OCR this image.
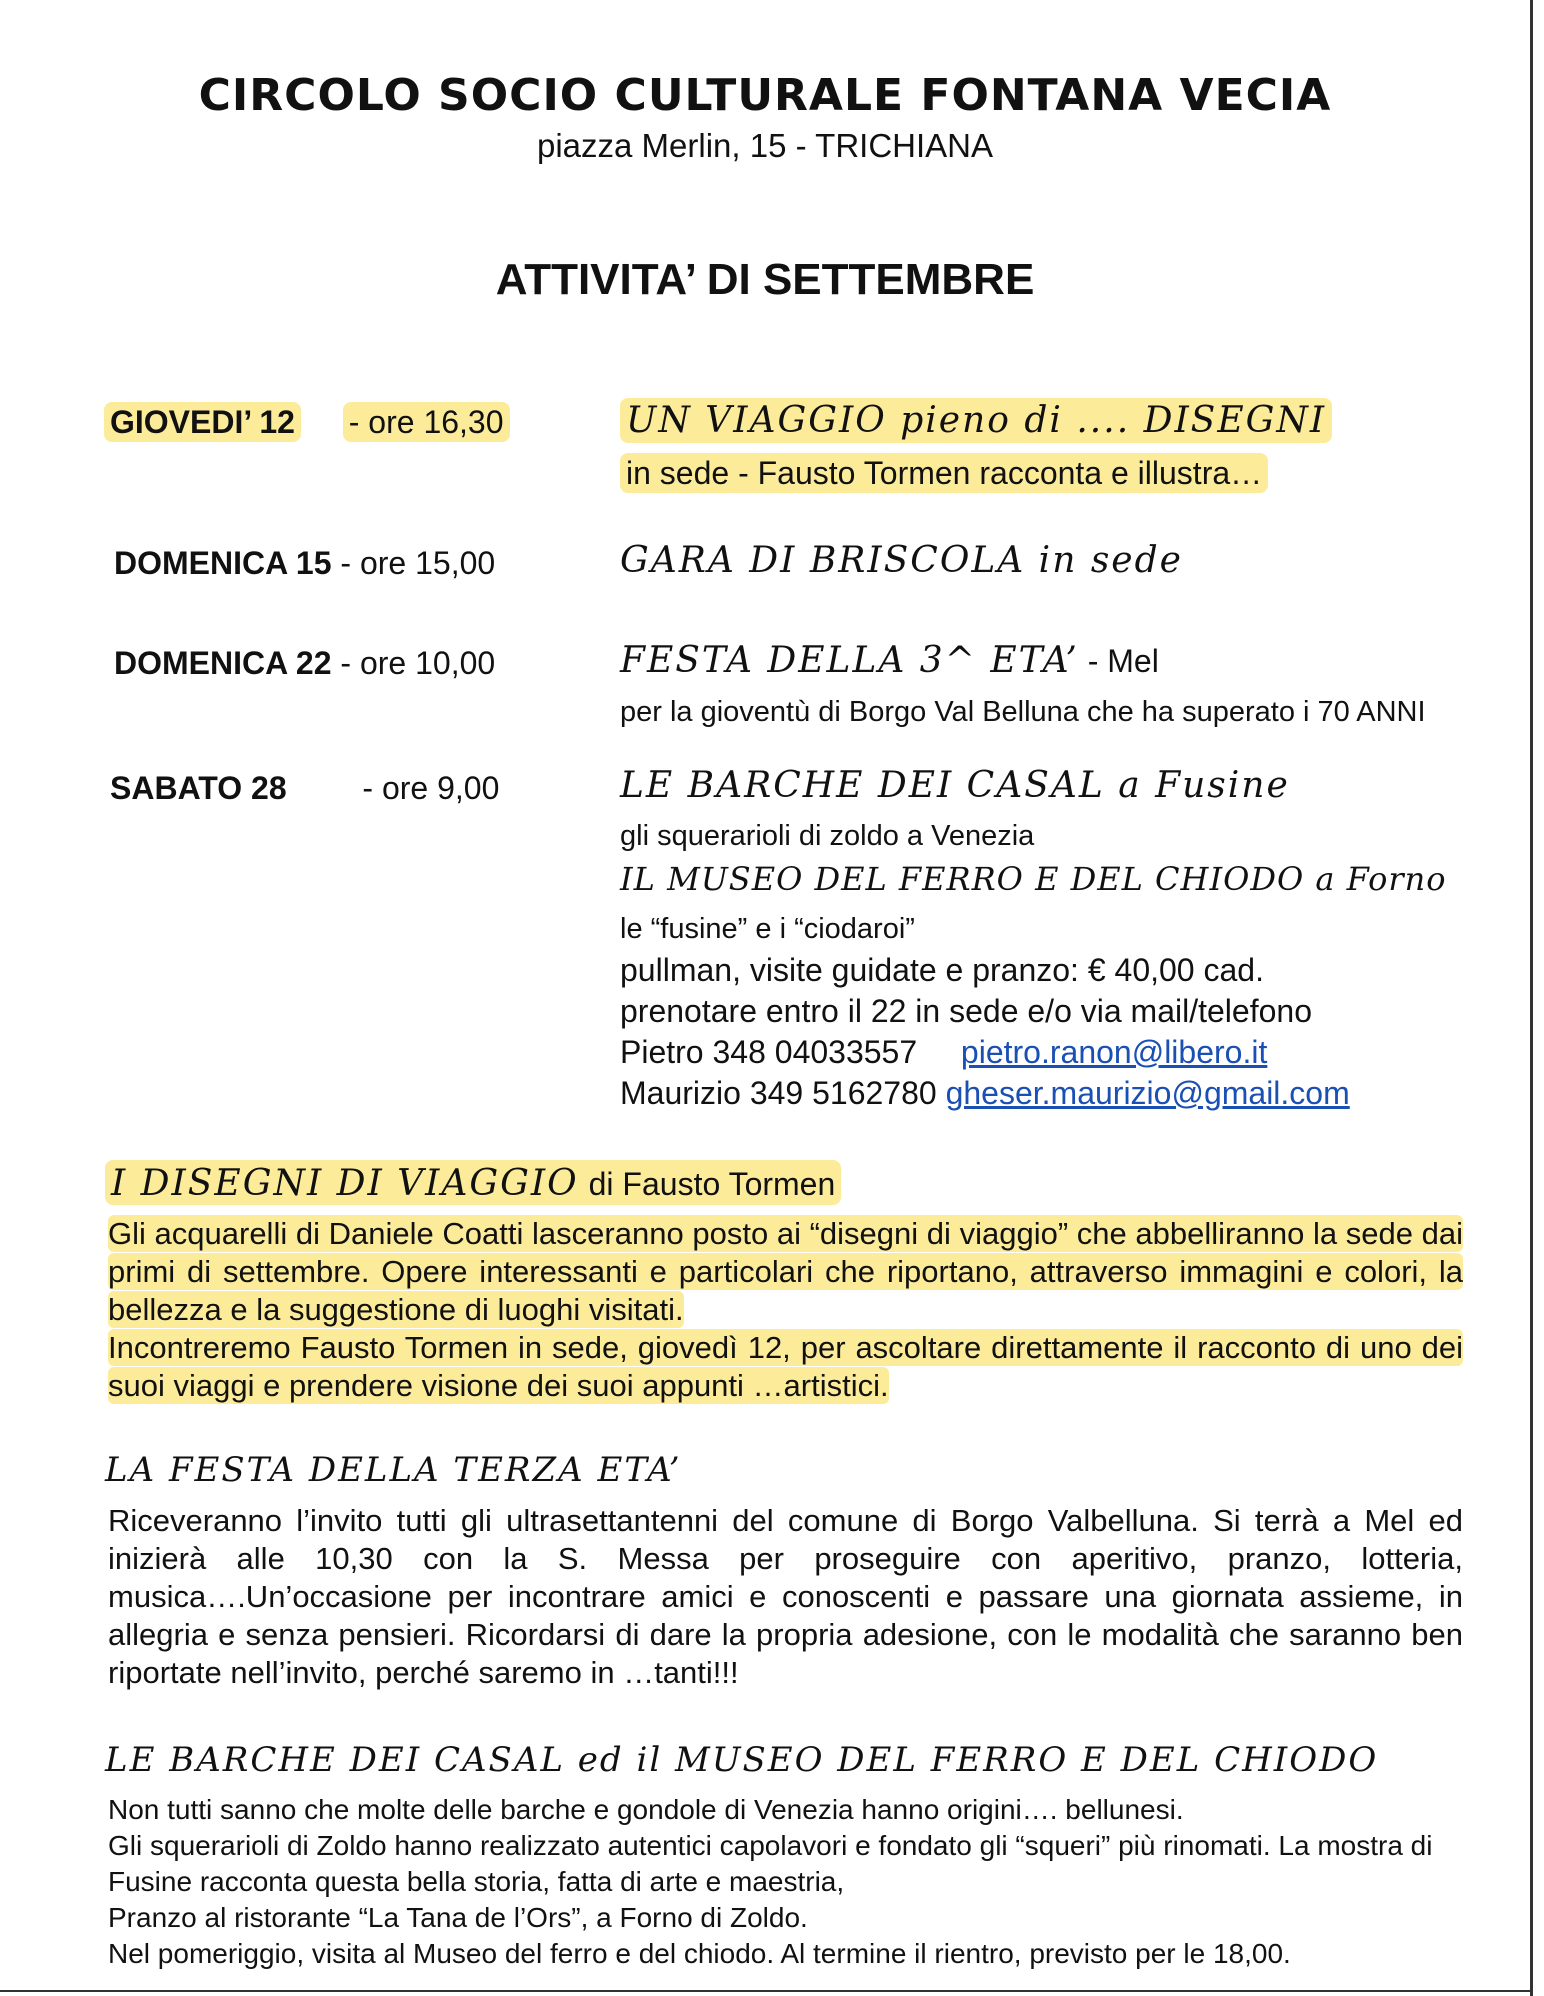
CIRCOLO SOCIO CULTURALE FONTANA VECIA
piazza Merlin, 15 - TRICHIANA
ATTIVITA’ DI SETTEMBRE
GIOVEDI’ 12 - ore 16,30	UN VIAGGIO pieno di .... DISEGNI
in sede - Fausto Tormen racconta e illustra…
DOMENICA 15 - ore 15,00	GARA DI BRISCOLA in sede
DOMENICA 22 - ore 10,00	FESTA DELLA 3^ ETA’ - Mel
per la gioventù di Borgo Val Belluna che ha superato i 70 ANNI
SABATO 28 - ore 9,00	LE BARCHE DEI CASAL a Fusine
gli squerarioli di zoldo a Venezia
IL MUSEO DEL FERRO E DEL CHIODO a Forno
le “fusine” e i “ciodaroi”
pullman, visite guidate e pranzo: € 40,00 cad.
prenotare entro il 22 in sede e/o via mail/telefono
Pietro 348 04033557 pietro.ranon@libero.it
Maurizio 349 5162780 gheser.maurizio@gmail.com
I DISEGNI DI VIAGGIO di Fausto Tormen

Gli acquarelli di Daniele Coatti lasceranno posto ai “disegni di viaggio” che abbelliranno la sede dai primi di settembre. Opere interessanti e particolari che riportano, attraverso immagini e colori, la bellezza e la suggestione di luoghi visitati.

Incontreremo Fausto Tormen in sede, giovedì 12, per ascoltare direttamente il racconto di uno dei suoi viaggi e prendere visione dei suoi appunti …artistici.

LA FESTA DELLA TERZA ETA’

Riceveranno l’invito tutti gli ultrasettantenni del comune di Borgo Valbelluna. Si terrà a Mel ed inizierà alle 10,30 con la S. Messa per proseguire con aperitivo, pranzo, lotteria, musica….Un’occasione per incontrare amici e conoscenti e passare una giornata assieme, in allegria e senza pensieri. Ricordarsi di dare la propria adesione, con le modalità che saranno ben riportate nell’invito, perché saremo in …tanti!!!

LE BARCHE DEI CASAL ed il MUSEO DEL FERRO E DEL CHIODO

Non tutti sanno che molte delle barche e gondole di Venezia hanno origini…. bellunesi.

Gli squerarioli di Zoldo hanno realizzato autentici capolavori e fondato gli “squeri” più rinomati. La mostra di Fusine racconta questa bella storia, fatta di arte e maestria,

Pranzo al ristorante “La Tana de l’Ors”, a Forno di Zoldo.

Nel pomeriggio, visita al Museo del ferro e del chiodo. Al termine il rientro, previsto per le 18,00.
